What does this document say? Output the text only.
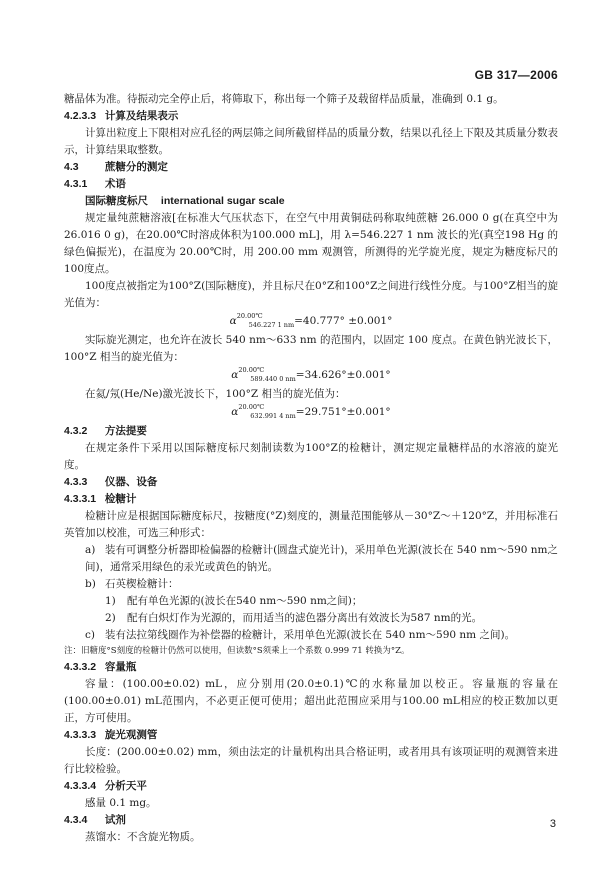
GB 317—2006

糖晶体为准。待振动完全停止后，将筛取下，称出每一个筛子及载留样品质量，准确到 0.1 g。

4.2.3.3 计算及结果表示

计算出粒度上下限相对应孔径的两层筛之间所截留样品的质量分数，结果以孔径上下限及其质量分数表示，计算结果取整数。

4.3	蔗糖分的测定

4.3.1 术语

国际糖度标尺 international sugar scale

规定量纯蔗糖溶液[在标准大气压状态下，在空气中用黄铜砝码称取纯蔗糖 26.000 0 g(在真空中为26.016 0 g)，在20.00℃时溶成体积为100.000 mL]，用 λ=546.227 1 nm 波长的光(真空198 Hg 的绿色偏振光)，在温度为 20.00℃时，用 200.00 mm 观测管，所测得的光学旋光度，规定为糖度标尺的100度点。

100度点被指定为100°Z(国际糖度)，并且标尺在0°Z和100°Z之间进行线性分度。与100°Z相当的旋光值为：

$\alpha^{20.00℃}_{546.227 1 nm}=40.777^\circ \pm 0.001^\circ$

实际旋光测定，也允许在波长 540 nm～633 nm 的范围内，以固定 100 度点。在黄色钠光波长下，100°Z 相当的旋光值为：

$\alpha^{20.00℃}_{589.440 0 nm}=34.626^\circ\pm 0.001^\circ$

在氦/氖(He/Ne)激光波长下，100°Z 相当的旋光值为：

$\alpha^{20.00℃}_{632.991 4 nm}=29.751^\circ\pm 0.001^\circ$

4.3.2 方法提要

在规定条件下采用以国际糖度标尺刻制读数为100°Z的检糖计，测定规定量糖样品的水溶液的旋光度。

4.3.3 仪器、设备

4.3.3.1 检糖计

检糖计应是根据国际糖度标尺，按糖度(°Z)刻度的，测量范围能够从－30°Z～＋120°Z，并用标准石英管加以校准，可选三种形式：

a) 装有可调整分析器即检偏器的检糖计(圆盘式旋光计)，采用单色光源(波长在 540 nm～590 nm之间)，通常采用绿色的汞光或黄色的钠光。

b) 石英楔检糖计：

1) 配有单色光源的(波长在540 nm～590 nm之间)；

2) 配有白炽灯作为光源的，而用适当的滤色器分离出有效波长为587 nm的光。

c) 装有法拉第线圈作为补偿器的检糖计，采用单色光源(波长在 540 nm～590 nm 之间)。

注：旧糖度°S刻度的检糖计仍然可以使用，但读数°S须乘上一个系数 0.999 71 转换为°Z。

4.3.3.2 容量瓶

容量：(100.00±0.02) mL，应分别用(20.0±0.1)℃的水称量加以校正。容量瓶的容量在(100.00±0.01) mL范围内，不必更正便可使用；超出此范围应采用与100.00 mL相应的校正数加以更正，方可使用。

4.3.3.3 旋光观测管

长度：(200.00±0.02) mm，须由法定的计量机构出具合格证明，或者用具有该项证明的观测管来进行比较检验。

4.3.3.4 分析天平

感量 0.1 mg。

4.3.4 试剂

蒸馏水：不含旋光物质。

3
